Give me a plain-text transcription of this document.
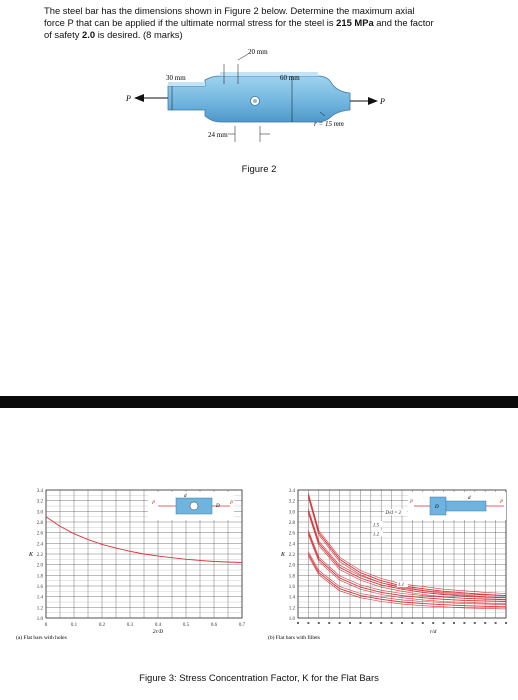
The steel bar has the dimensions shown in Figure 2 below. Determine the maximum axial
force P that can be applied if the ultimate normal stress for the steel is 215 MPa and the factor
of safety 2.0 is desired. (8 marks)
P	P
30 mm
20 mm
60 mm
24 mm
r = 15 mm
Figure 2
1.0
1.2
1.4
1.6
1.8
2.0
2.2
2.4
2.6
2.8
3.0
3.2
3.4
K
0	0.1	0.2	0.3	0.4	0.5	0.6	0.7
2r/D
(a) Flat bars with holes
P	P
d
D
1.0
1.2
1.4
1.6
1.8
2.0
2.2
2.4
2.6
2.8
3.0
3.2
3.4
K
r/d
(b) Flat bars with fillets
P	P
D
d
D/d = 2
1.5
1.2
1.1
Figure 3: Stress Concentration Factor, K for the Flat Bars
